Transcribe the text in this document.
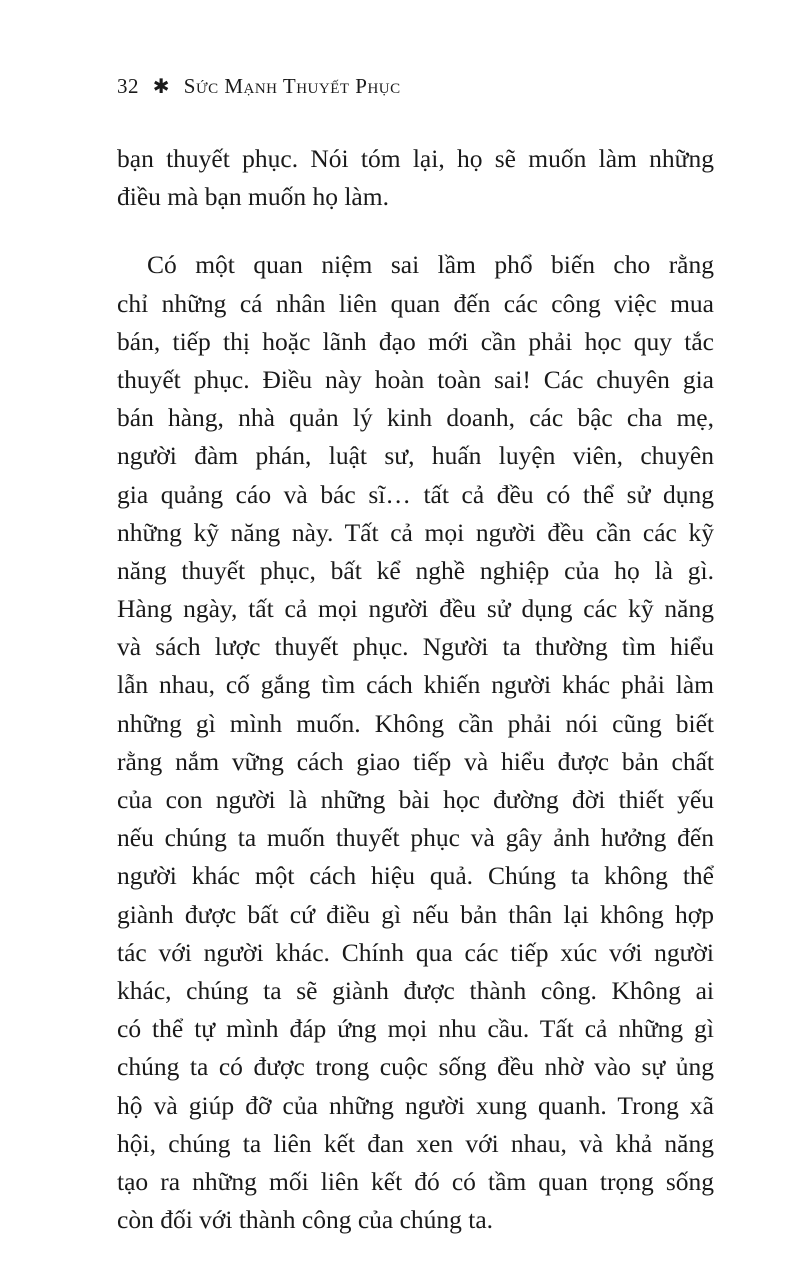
32 ✱ Sức Mạnh Thuyết Phục
bạn thuyết phục. Nói tóm lại, họ sẽ muốn làm những
điều mà bạn muốn họ làm.
Có một quan niệm sai lầm phổ biến cho rằng
chỉ những cá nhân liên quan đến các công việc mua
bán, tiếp thị hoặc lãnh đạo mới cần phải học quy tắc
thuyết phục. Điều này hoàn toàn sai! Các chuyên gia
bán hàng, nhà quản lý kinh doanh, các bậc cha mẹ,
người đàm phán, luật sư, huấn luyện viên, chuyên
gia quảng cáo và bác sĩ… tất cả đều có thể sử dụng
những kỹ năng này. Tất cả mọi người đều cần các kỹ
năng thuyết phục, bất kể nghề nghiệp của họ là gì.
Hàng ngày, tất cả mọi người đều sử dụng các kỹ năng
và sách lược thuyết phục. Người ta thường tìm hiểu
lẫn nhau, cố gắng tìm cách khiến người khác phải làm
những gì mình muốn. Không cần phải nói cũng biết
rằng nắm vững cách giao tiếp và hiểu được bản chất
của con người là những bài học đường đời thiết yếu
nếu chúng ta muốn thuyết phục và gây ảnh hưởng đến
người khác một cách hiệu quả. Chúng ta không thể
giành được bất cứ điều gì nếu bản thân lại không hợp
tác với người khác. Chính qua các tiếp xúc với người
khác, chúng ta sẽ giành được thành công. Không ai
có thể tự mình đáp ứng mọi nhu cầu. Tất cả những gì
chúng ta có được trong cuộc sống đều nhờ vào sự ủng
hộ và giúp đỡ của những người xung quanh. Trong xã
hội, chúng ta liên kết đan xen với nhau, và khả năng
tạo ra những mối liên kết đó có tầm quan trọng sống
còn đối với thành công của chúng ta.
